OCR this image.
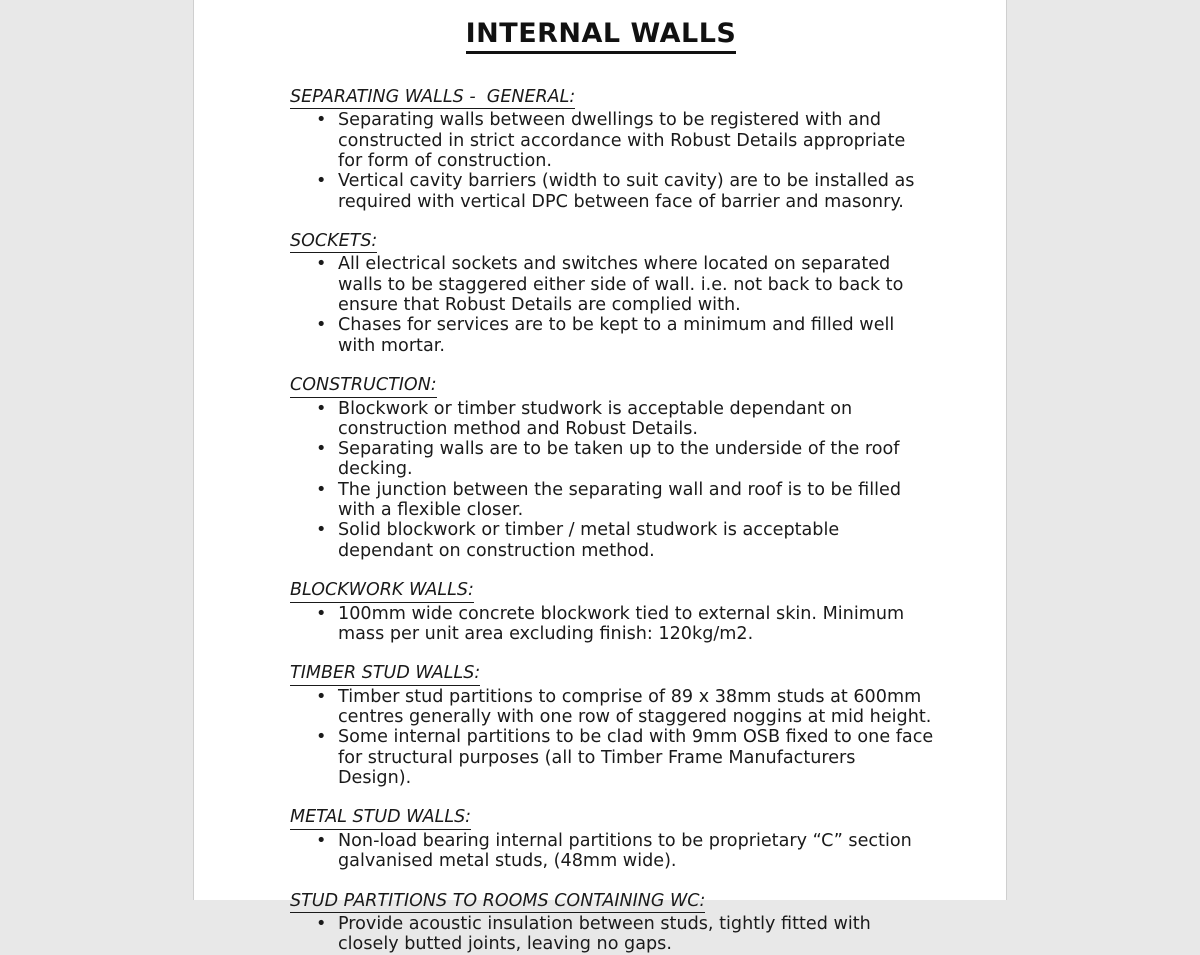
INTERNAL WALLS
SEPARATING WALLS -  GENERAL:
• Separating walls between dwellings to be registered with and constructed in strict accordance with Robust Details appropriate for form of construction.
• Vertical cavity barriers (width to suit cavity) are to be installed as required with vertical DPC between face of barrier and masonry.
SOCKETS:
• All electrical sockets and switches where located on separated walls to be staggered either side of wall. i.e. not back to back to ensure that Robust Details are complied with.
• Chases for services are to be kept to a minimum and filled well with mortar.
CONSTRUCTION:
• Blockwork or timber studwork is acceptable dependant on construction method and Robust Details.
• Separating walls are to be taken up to the underside of the roof decking.
• The junction between the separating wall and roof is to be filled with a flexible closer.
• Solid blockwork or timber / metal studwork is acceptable dependant on construction method.
BLOCKWORK WALLS:
• 100mm wide concrete blockwork tied to external skin. Minimum mass per unit area excluding finish: 120kg/m2.
TIMBER STUD WALLS:
• Timber stud partitions to comprise of 89 x 38mm studs at 600mm centres generally with one row of staggered noggins at mid height.
• Some internal partitions to be clad with 9mm OSB fixed to one face for structural purposes (all to Timber Frame Manufacturers Design).
METAL STUD WALLS:
• Non-load bearing internal partitions to be proprietary “C” section galvanised metal studs, (48mm wide).
STUD PARTITIONS TO ROOMS CONTAINING WC:
• Provide acoustic insulation between studs, tightly fitted with closely butted joints, leaving no gaps.
